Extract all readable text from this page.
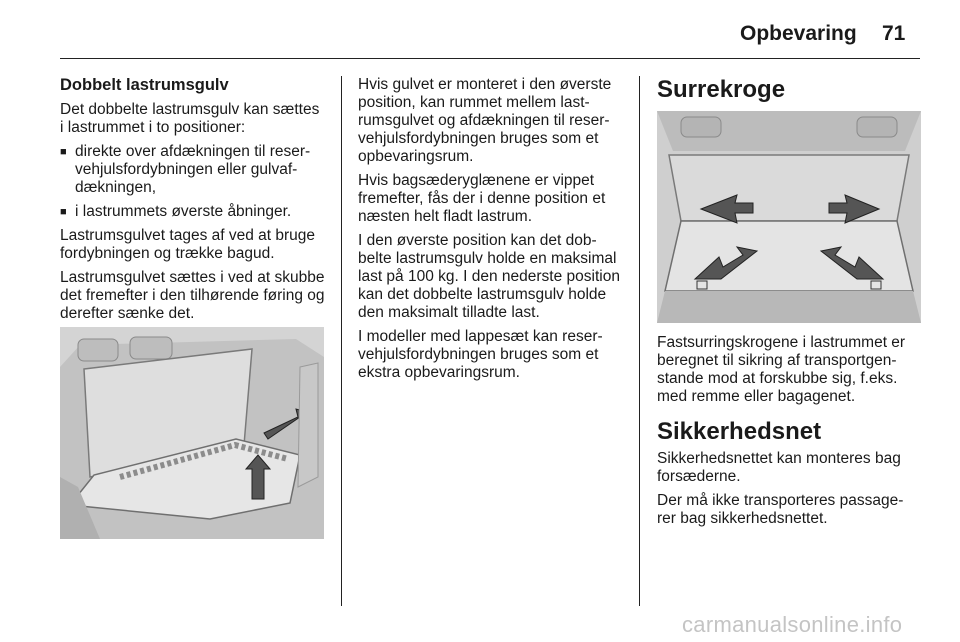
Opbevaring 71

Dobbelt lastrumsgulv

Det dobbelte lastrumsgulv kan sættes i lastrummet i to positioner:

■ direkte over afdækningen til reser-vehjulsfordybningen eller gulvaf-dækningen,
■ i lastrummets øverste åbninger.

Lastrumsgulvet tages af ved at bruge fordybningen og trække bagud.

Lastrumsgulvet sættes i ved at skubbe det fremefter i den tilhørende føring og derefter sænke det.

Hvis gulvet er monteret i den øverste position, kan rummet mellem last-rumsgulvet og afdækningen til reser-vehjulsfordybningen bruges som et opbevaringsrum.

Hvis bagsæderyglænene er vippet fremefter, fås der i denne position et næsten helt fladt lastrum.

I den øverste position kan det dob-belte lastrumsgulv holde en maksimal last på 100 kg. I den nederste position kan det dobbelte lastrumsgulv holde den maksimalt tilladte last.

I modeller med lappesæt kan reser-vehjulsfordybningen bruges som et ekstra opbevaringsrum.

Surrekroge

Fastsurringskrogene i lastrummet er beregnet til sikring af transportgen-stande mod at forskubbe sig, f.eks. med remme eller bagagenet.

Sikkerhedsnet

Sikkerhedsnettet kan monteres bag forsæderne.

Der må ikke transporteres passage-rer bag sikkerhedsnettet.

carmanualsonline.info
